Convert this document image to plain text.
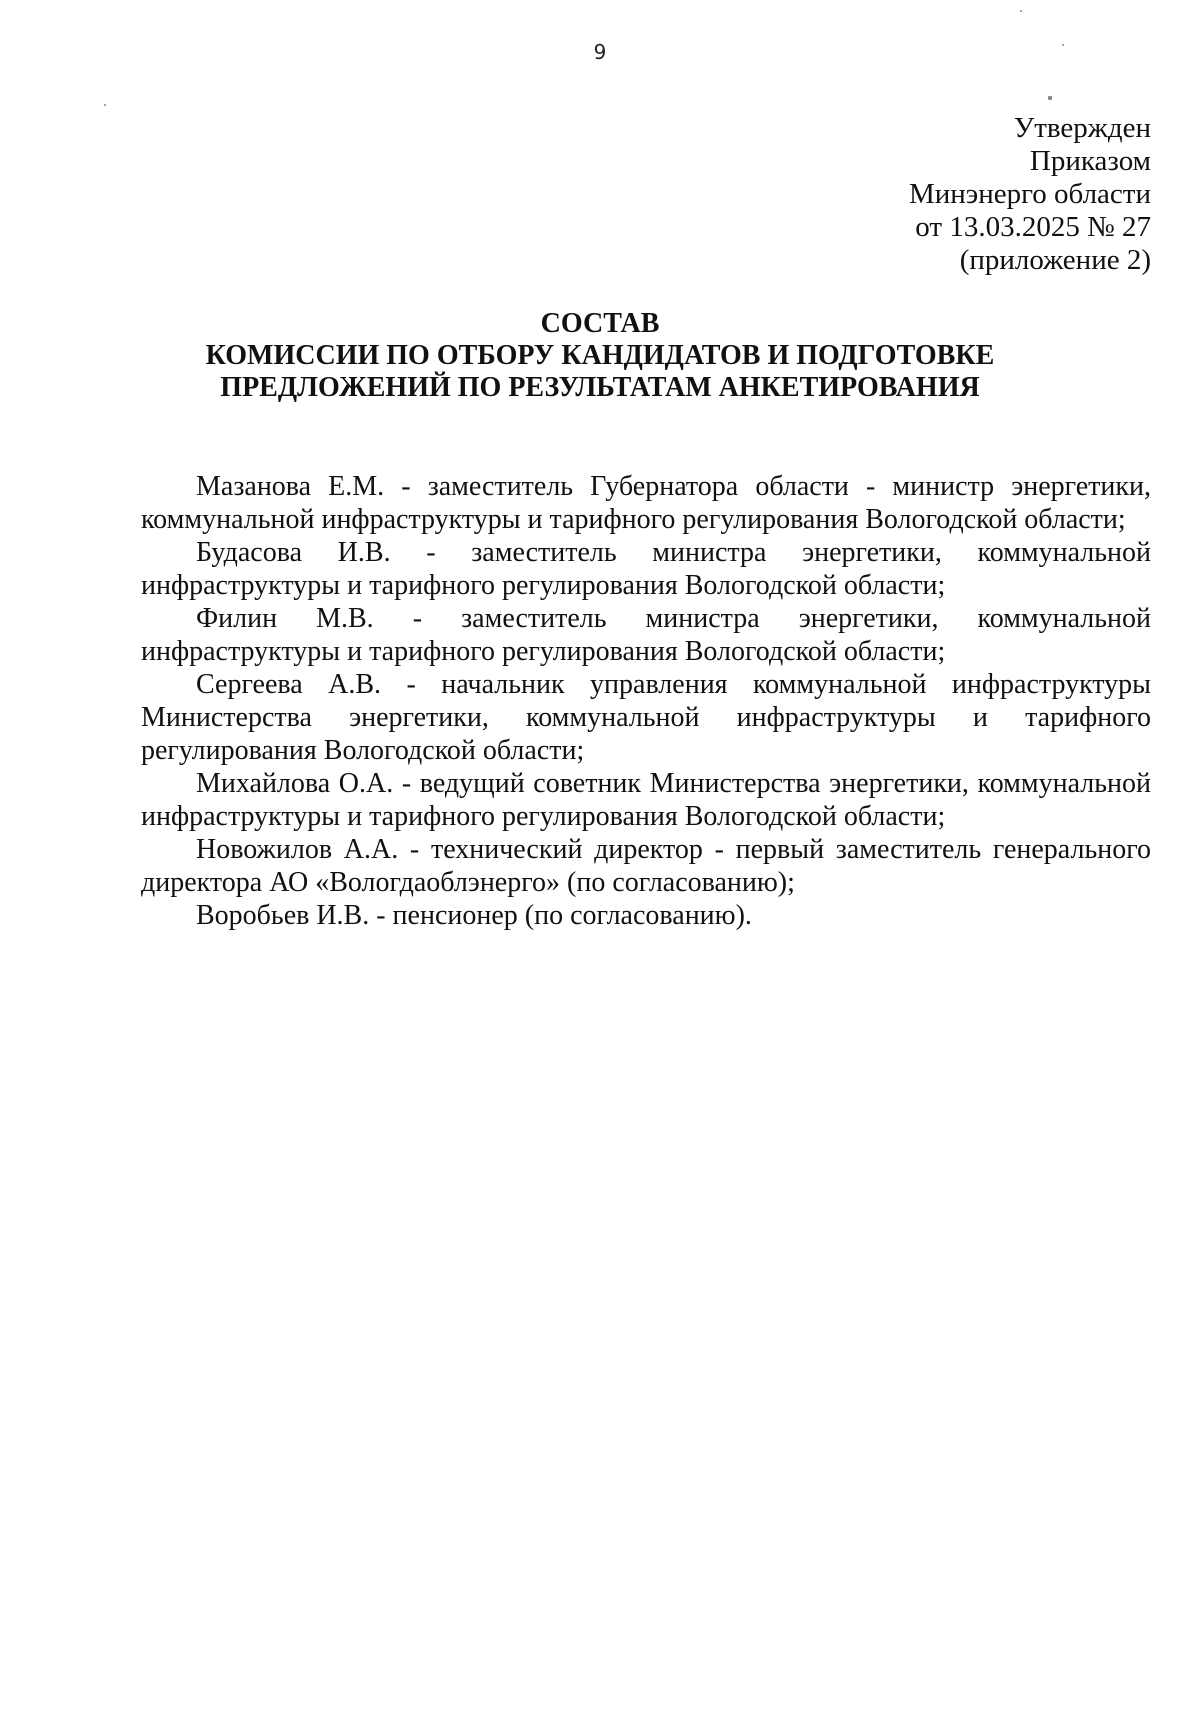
9
Утвержден
Приказом
Минэнерго области
от 13.03.2025 № 27
(приложение 2)
СОСТАВ
КОМИССИИ ПО ОТБОРУ КАНДИДАТОВ И ПОДГОТОВКЕ
ПРЕДЛОЖЕНИЙ ПО РЕЗУЛЬТАТАМ АНКЕТИРОВАНИЯ

Мазанова Е.М. - заместитель Губернатора области - министр энергетики, коммунальной инфраструктуры и тарифного регулирования Вологодской области;

Будасова И.В. - заместитель министра энергетики, коммунальной инфраструктуры и тарифного регулирования Вологодской области;

Филин М.В. - заместитель министра энергетики, коммунальной инфраструктуры и тарифного регулирования Вологодской области;

Сергеева А.В. - начальник управления коммунальной инфраструктуры Министерства энергетики, коммунальной инфраструктуры и тарифного регулирования Вологодской области;

Михайлова О.А. - ведущий советник Министерства энергетики, коммунальной инфраструктуры и тарифного регулирования Вологодской области;

Новожилов А.А. - технический директор - первый заместитель генерального директора АО «Вологдаоблэнерго» (по согласованию);

Воробьев И.В. - пенсионер (по согласованию).
